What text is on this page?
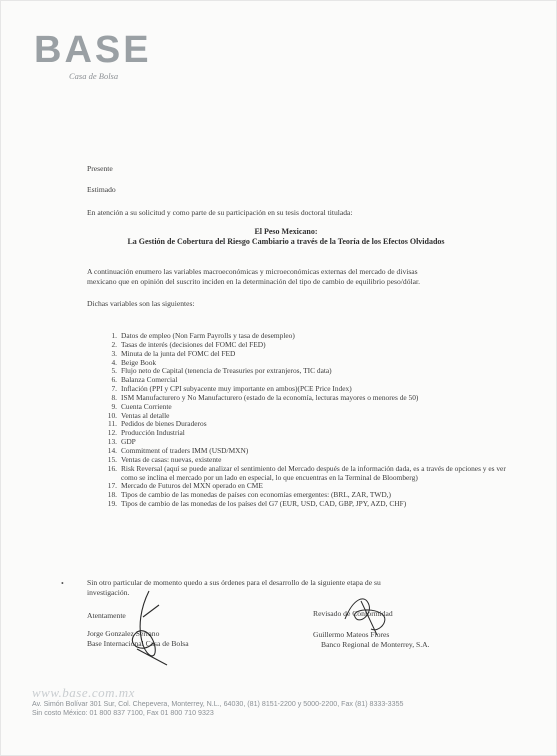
BASE
Casa de Bolsa
Presente
Estimado
En atención a su solicitud y como parte de su participación en su tesis doctoral titulada:
El Peso Mexicano:
La Gestión de Cobertura del Riesgo Cambiario a través de la Teoría de los Efectos Olvidados
A continuación enumero las variables macroeconómicas y microeconómicas externas del mercado de divisas
mexicano que en opinión del suscrito inciden en la determinación del tipo de cambio de equilibrio peso/dólar.
Dichas variables son las siguientes:
1. Datos de empleo (Non Farm Payrolls y tasa de desempleo)
2. Tasas de interés (decisiones del FOMC del FED)
3. Minuta de la junta del FOMC del FED
4. Beige Book
5. Flujo neto de Capital (tenencia de Treasuries por extranjeros, TIC data)
6. Balanza Comercial
7. Inflación (PPI y CPI subyacente muy importante en ambos)(PCE Price Index)
8. ISM Manufacturero y No Manufacturero (estado de la economía, lecturas mayores o menores de 50)
9. Cuenta Corriente
10. Ventas al detalle
11. Pedidos de bienes Duraderos
12. Producción Industrial
13. GDP
14. Commitment of traders IMM (USD/MXN)
15. Ventas de casas: nuevas, existente
16. Risk Reversal (aquí se puede analizar el sentimiento del Mercado después de la información dada, es a través de opciones y es ver como se inclina el mercado por un lado en especial, lo que encuentras en la Terminal de Bloomberg)
17. Mercado de Futuros del MXN operado en CME
18. Tipos de cambio de las monedas de países con economías emergentes: (BRL, ZAR, TWD,)
19. Tipos de cambio de las monedas de los países del G7 (EUR, USD, CAD, GBP, JPY, AZD, CHF)
•	Sin otro particular de momento quedo a sus órdenes para el desarrollo de la siguiente etapa de su
investigación.
Atentamente
Jorge Gonzalez Serrano
Base Internacional Casa de Bolsa
Revisado de Conformidad
Guillermo Mateos Flores
Banco Regional de Monterrey, S.A.
www.base.com.mx
Av. Simón Bolívar 301 Sur, Col. Chepevera, Monterrey, N.L., 64030, (81) 8151-2200 y 5000-2200, Fax (81) 8333-3355
Sin costo México: 01 800 837 7100, Fax 01 800 710 9323
